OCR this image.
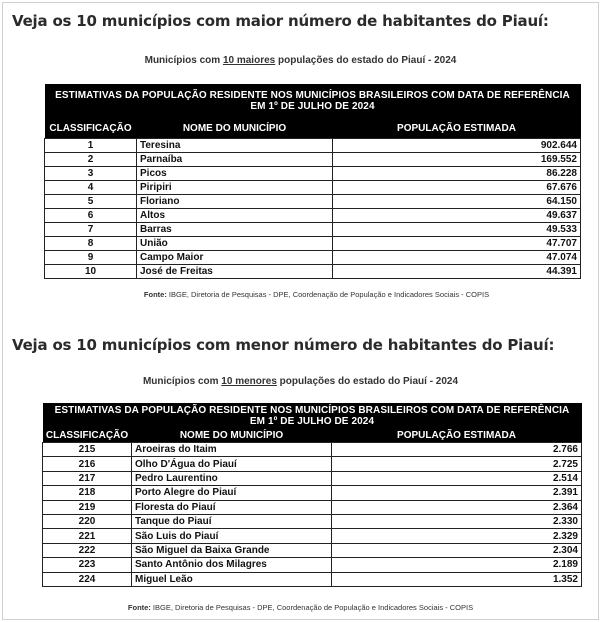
Veja os 10 municípios com maior número de habitantes do Piauí:
Municípios com 10 maiores populações do estado do Piauí - 2024
ESTIMATIVAS DA POPULAÇÃO RESIDENTE NOS MUNICÍPIOS BRASILEIROS COM DATA DE REFERÊNCIA
EM 1º DE JULHO DE 2024		

CLASSIFICAÇÃO	NOME DO MUNICÍPIO	POPULAÇÃO ESTIMADA
1	Teresina	902.644
2	Parnaíba	169.552
3	Picos	86.228
4	Piripiri	67.676
5	Floriano	64.150
6	Altos	49.637
7	Barras	49.533
8	União	47.707
9	Campo Maior	47.074
10	José de Freitas	44.391
Fonte: IBGE, Diretoria de Pesquisas - DPE, Coordenação de População e Indicadores Sociais - COPIS
Veja os 10 municípios com menor número de habitantes do Piauí:
Municípios com 10 menores populações do estado do Piauí - 2024
ESTIMATIVAS DA POPULAÇÃO RESIDENTE NOS MUNICÍPIOS BRASILEIROS COM DATA DE REFERÊNCIA
EM 1º DE JULHO DE 2024		

CLASSIFICAÇÃO	NOME DO MUNICÍPIO	POPULAÇÃO ESTIMADA
215	Aroeiras do Itaim	2.766
216	Olho D'Água do Piauí	2.725
217	Pedro Laurentino	2.514
218	Porto Alegre do Piauí	2.391
219	Floresta do Piauí	2.364
220	Tanque do Piauí	2.330
221	São Luis do Piauí	2.329
222	São Miguel da Baixa Grande	2.304
223	Santo Antônio dos Milagres	2.189
224	Miguel Leão	1.352
Fonte: IBGE, Diretoria de Pesquisas - DPE, Coordenação de População e Indicadores Sociais - COPIS
